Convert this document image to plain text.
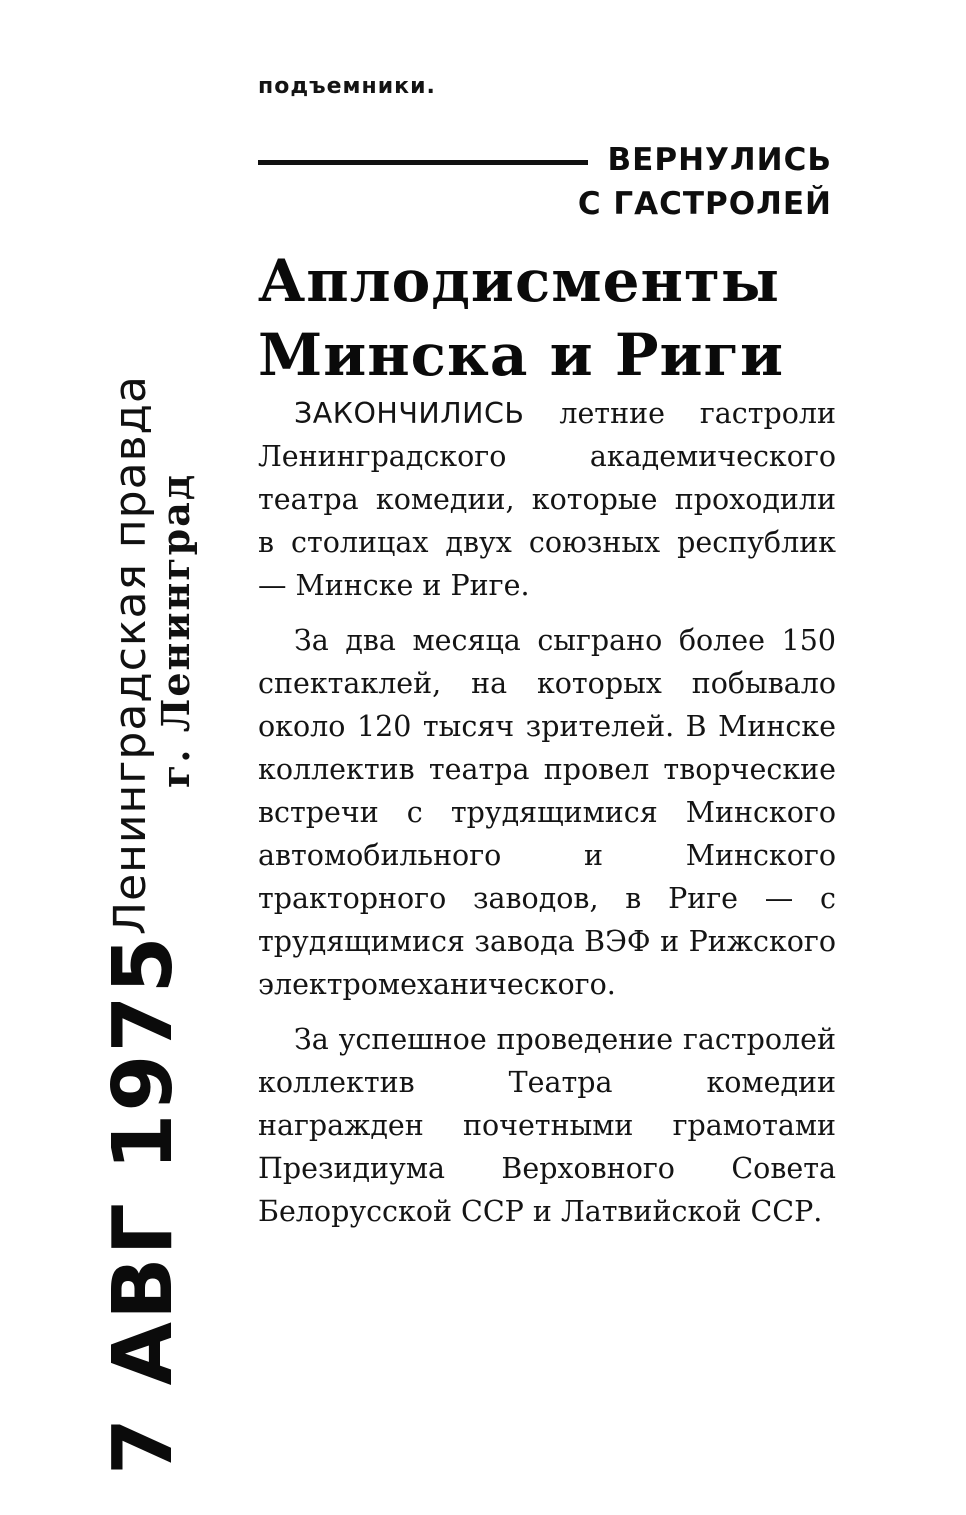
Ленинградская правда
г. Ленинград
7 АВГ 1975
подъемники.
ВЕРНУЛИСЬ
С ГАСТРОЛЕЙ
Аплодисменты
Минска и Риги

ЗАКОНЧИЛИСЬ летние гастроли Ленинградского академического театра комедии, которые проходили в столицах двух союзных республик — Минске и Риге.

За два месяца сыграно более 150 спектаклей, на которых побывало около 120 тысяч зрителей. В Минске коллектив театра провел творческие встречи с трудящимися Минского автомобильного и Минского тракторного заводов, в Риге — с трудящимися завода ВЭФ и Рижского электромеханического.

За успешное проведение гастролей коллектив Театра комедии награжден почетными грамотами Президиума Верховного Совета Белорусской ССР и Латвийской ССР.
